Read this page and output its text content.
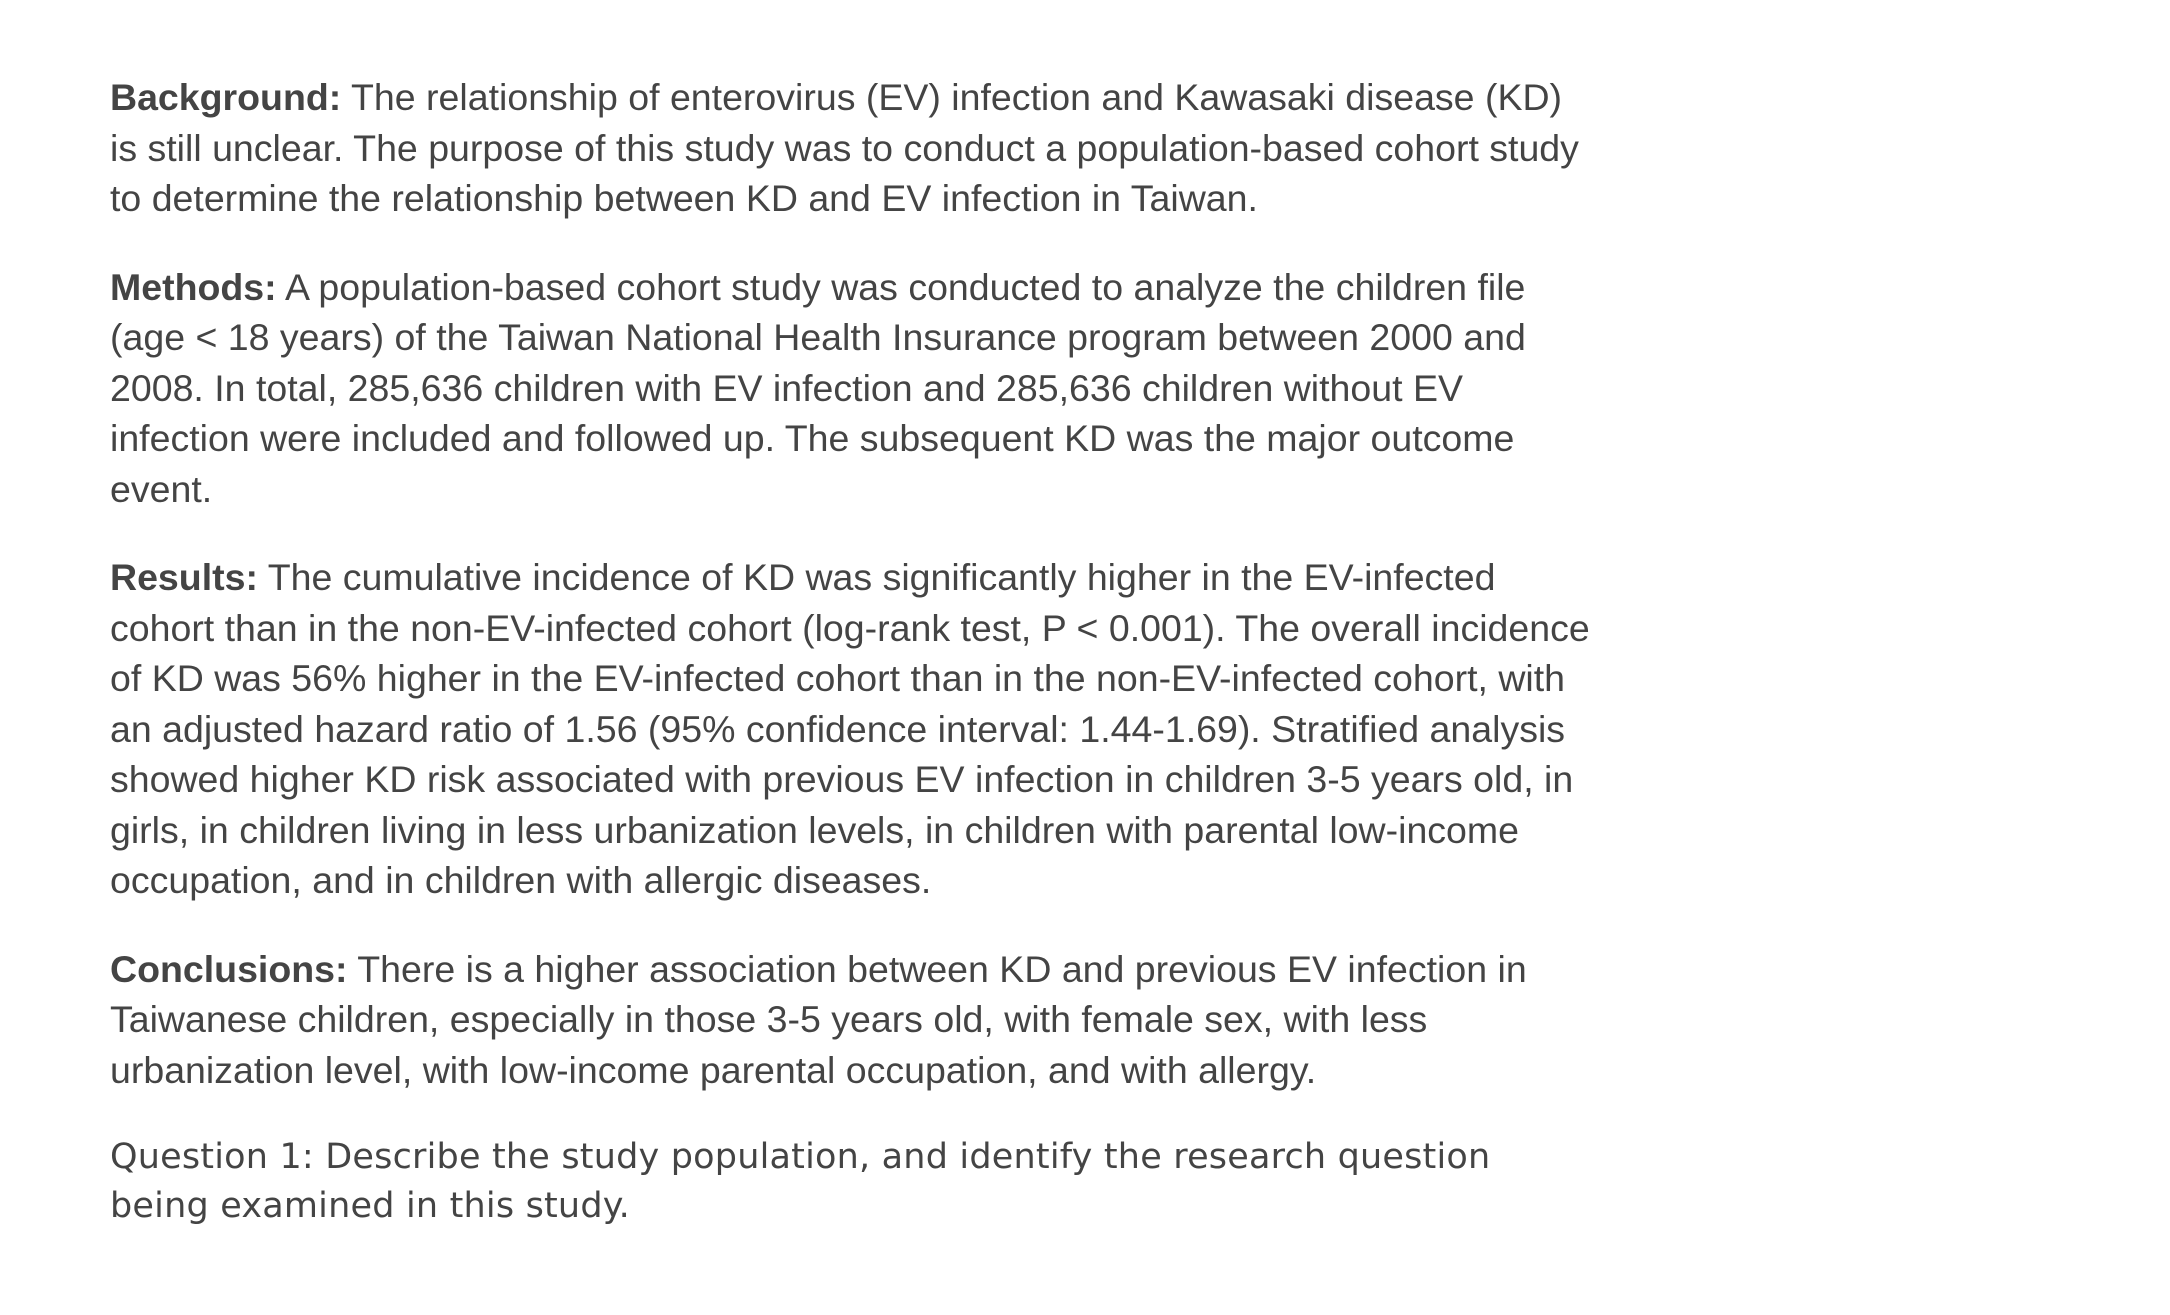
Background: The relationship of enterovirus (EV) infection and Kawasaki disease (KD) is still unclear. The purpose of this study was to conduct a population-based cohort study to determine the relationship between KD and EV infection in Taiwan.

Methods: A population-based cohort study was conducted to analyze the children file (age < 18 years) of the Taiwan National Health Insurance program between 2000 and 2008. In total, 285,636 children with EV infection and 285,636 children without EV infection were included and followed up. The subsequent KD was the major outcome event.

Results: The cumulative incidence of KD was significantly higher in the EV-infected cohort than in the non-EV-infected cohort (log-rank test, P < 0.001). The overall incidence of KD was 56% higher in the EV-infected cohort than in the non-EV-infected cohort, with an adjusted hazard ratio of 1.56 (95% confidence interval: 1.44-1.69). Stratified analysis showed higher KD risk associated with previous EV infection in children 3-5 years old, in girls, in children living in less urbanization levels, in children with parental low-income occupation, and in children with allergic diseases.

Conclusions: There is a higher association between KD and previous EV infection in Taiwanese children, especially in those 3-5 years old, with female sex, with less urbanization level, with low-income parental occupation, and with allergy.

Question 1: Describe the study population, and identify the research question being examined in this study.
